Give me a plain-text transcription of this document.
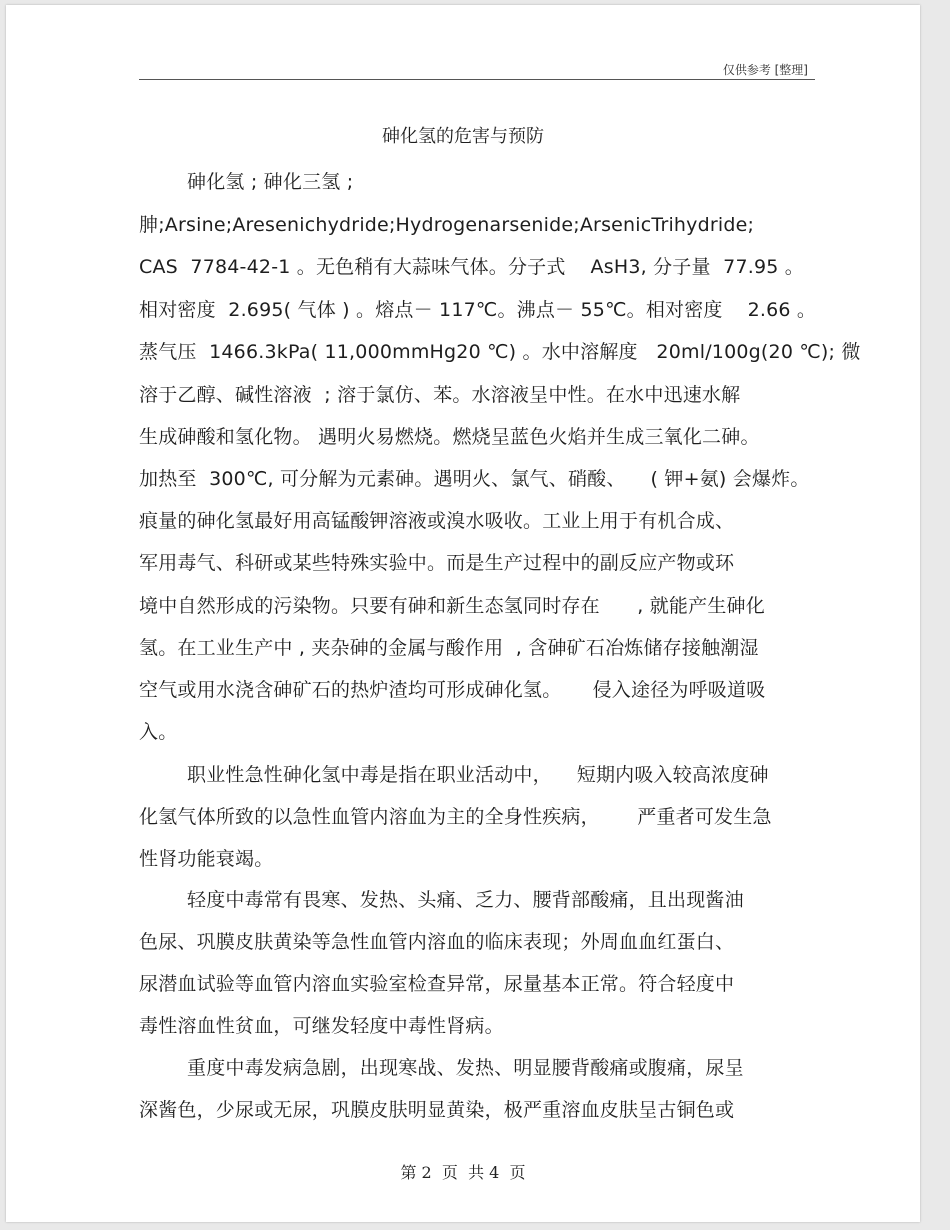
仅供参考 [整理]
砷化氢的危害与预防
砷化氢 ; 砷化三氢 ;
胂;Arsine;Aresenichydride;Hydrogenarsenide;ArsenicTrihydride;
CAS  7784-42-1 。无色稍有大蒜味气体。分子式    AsH3, 分子量  77.95 。
相对密度  2.695( 气体 ) 。熔点－ 117℃。沸点－ 55℃。相对密度    2.66 。
蒸气压  1466.3kPa( 11,000mmHg20 ℃) 。水中溶解度   20ml/100g(20 ℃); 微
溶于乙醇、碱性溶液  ; 溶于氯仿、苯。水溶液呈中性。在水中迅速水解
生成砷酸和氢化物。 遇明火易燃烧。燃烧呈蓝色火焰并生成三氧化二砷。
加热至  300℃, 可分解为元素砷。遇明火、氯气、硝酸、    ( 钾+氨) 会爆炸。
痕量的砷化氢最好用高锰酸钾溶液或溴水吸收。工业上用于有机合成、
军用毒气、科研或某些特殊实验中。而是生产过程中的副反应产物或环
境中自然形成的污染物。只要有砷和新生态氢同时存在      , 就能产生砷化
氢。在工业生产中 , 夹杂砷的金属与酸作用  , 含砷矿石冶炼储存接触潮湿
空气或用水浇含砷矿石的热炉渣均可形成砷化氢。     侵入途径为呼吸道吸
入。
职业性急性砷化氢中毒是指在职业活动中，    短期内吸入较高浓度砷
化氢气体所致的以急性血管内溶血为主的全身性疾病，      严重者可发生急
性肾功能衰竭。
轻度中毒常有畏寒、发热、头痛、乏力、腰背部酸痛，且出现酱油
色尿、巩膜皮肤黄染等急性血管内溶血的临床表现；外周血血红蛋白、
尿潜血试验等血管内溶血实验室检查异常，尿量基本正常。符合轻度中
毒性溶血性贫血，可继发轻度中毒性肾病。
重度中毒发病急剧，出现寒战、发热、明显腰背酸痛或腹痛，尿呈
深酱色，少尿或无尿，巩膜皮肤明显黄染，极严重溶血皮肤呈古铜色或
第 2  页  共 4  页
